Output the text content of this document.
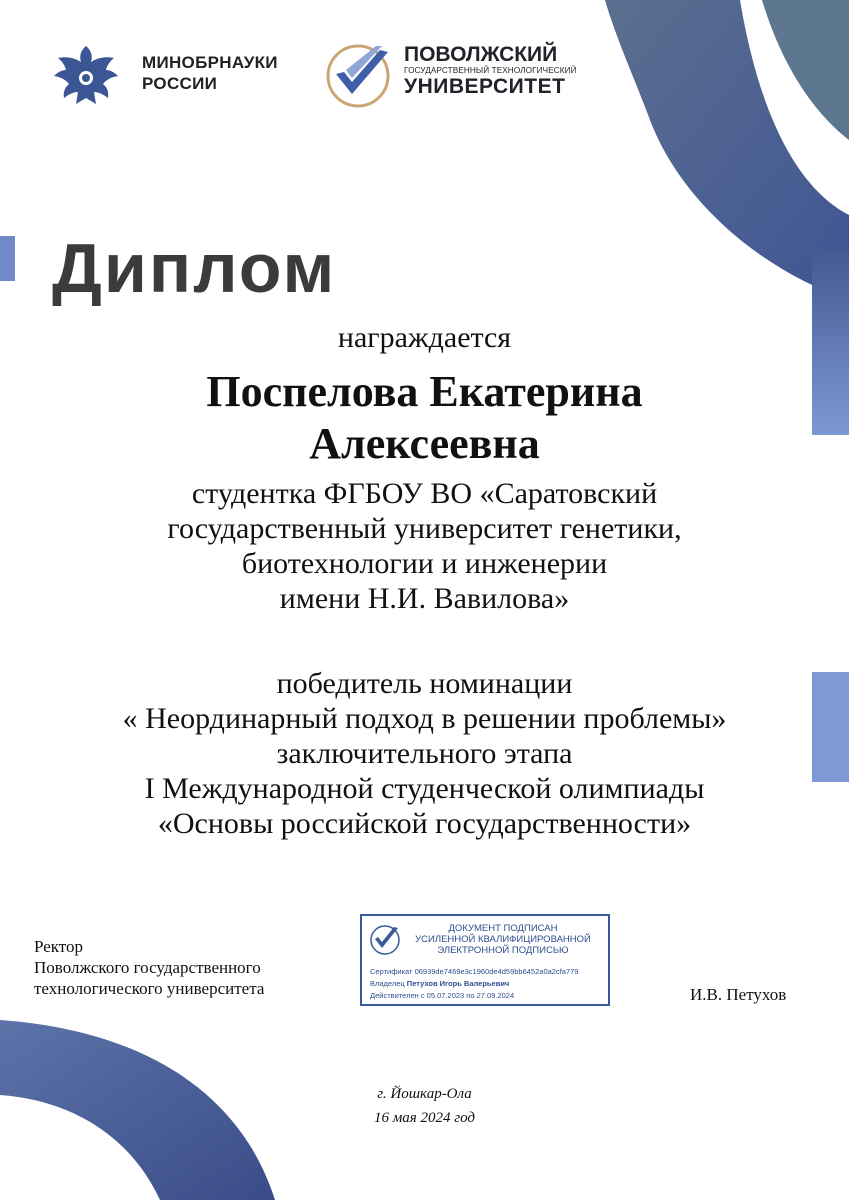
МИНОБРНАУКИ
РОССИИ
ПОВОЛЖСКИЙ
ГОСУДАРСТВЕННЫЙ ТЕХНОЛОГИЧЕСКИЙ
УНИВЕРСИТЕТ
Диплом
награждается
Поспелова Екатерина
Алексеевна
студентка ФГБОУ ВО «Саратовский
государственный университет генетики,
биотехнологии и инженерии
имени Н.И. Вавилова»
победитель номинации
« Неординарный подход в решении проблемы»
заключительного этапа
I Международной студенческой олимпиады
«Основы российской государственности»
Ректор
Поволжского государственного
технологического университета
ДОКУМЕНТ ПОДПИСАН
УСИЛЕННОЙ КВАЛИФИЦИРОВАННОЙ
ЭЛЕКТРОННОЙ ПОДПИСЬЮ
Сертификат 06939de7469e3c1960de4d59bb6452a0a2cfa779
Владелец Петухов Игорь Валерьевич
Действителен с 05.07.2023 по 27.09.2024	И.В. Петухов
г. Йошкар-Ола
16 мая 2024 год
